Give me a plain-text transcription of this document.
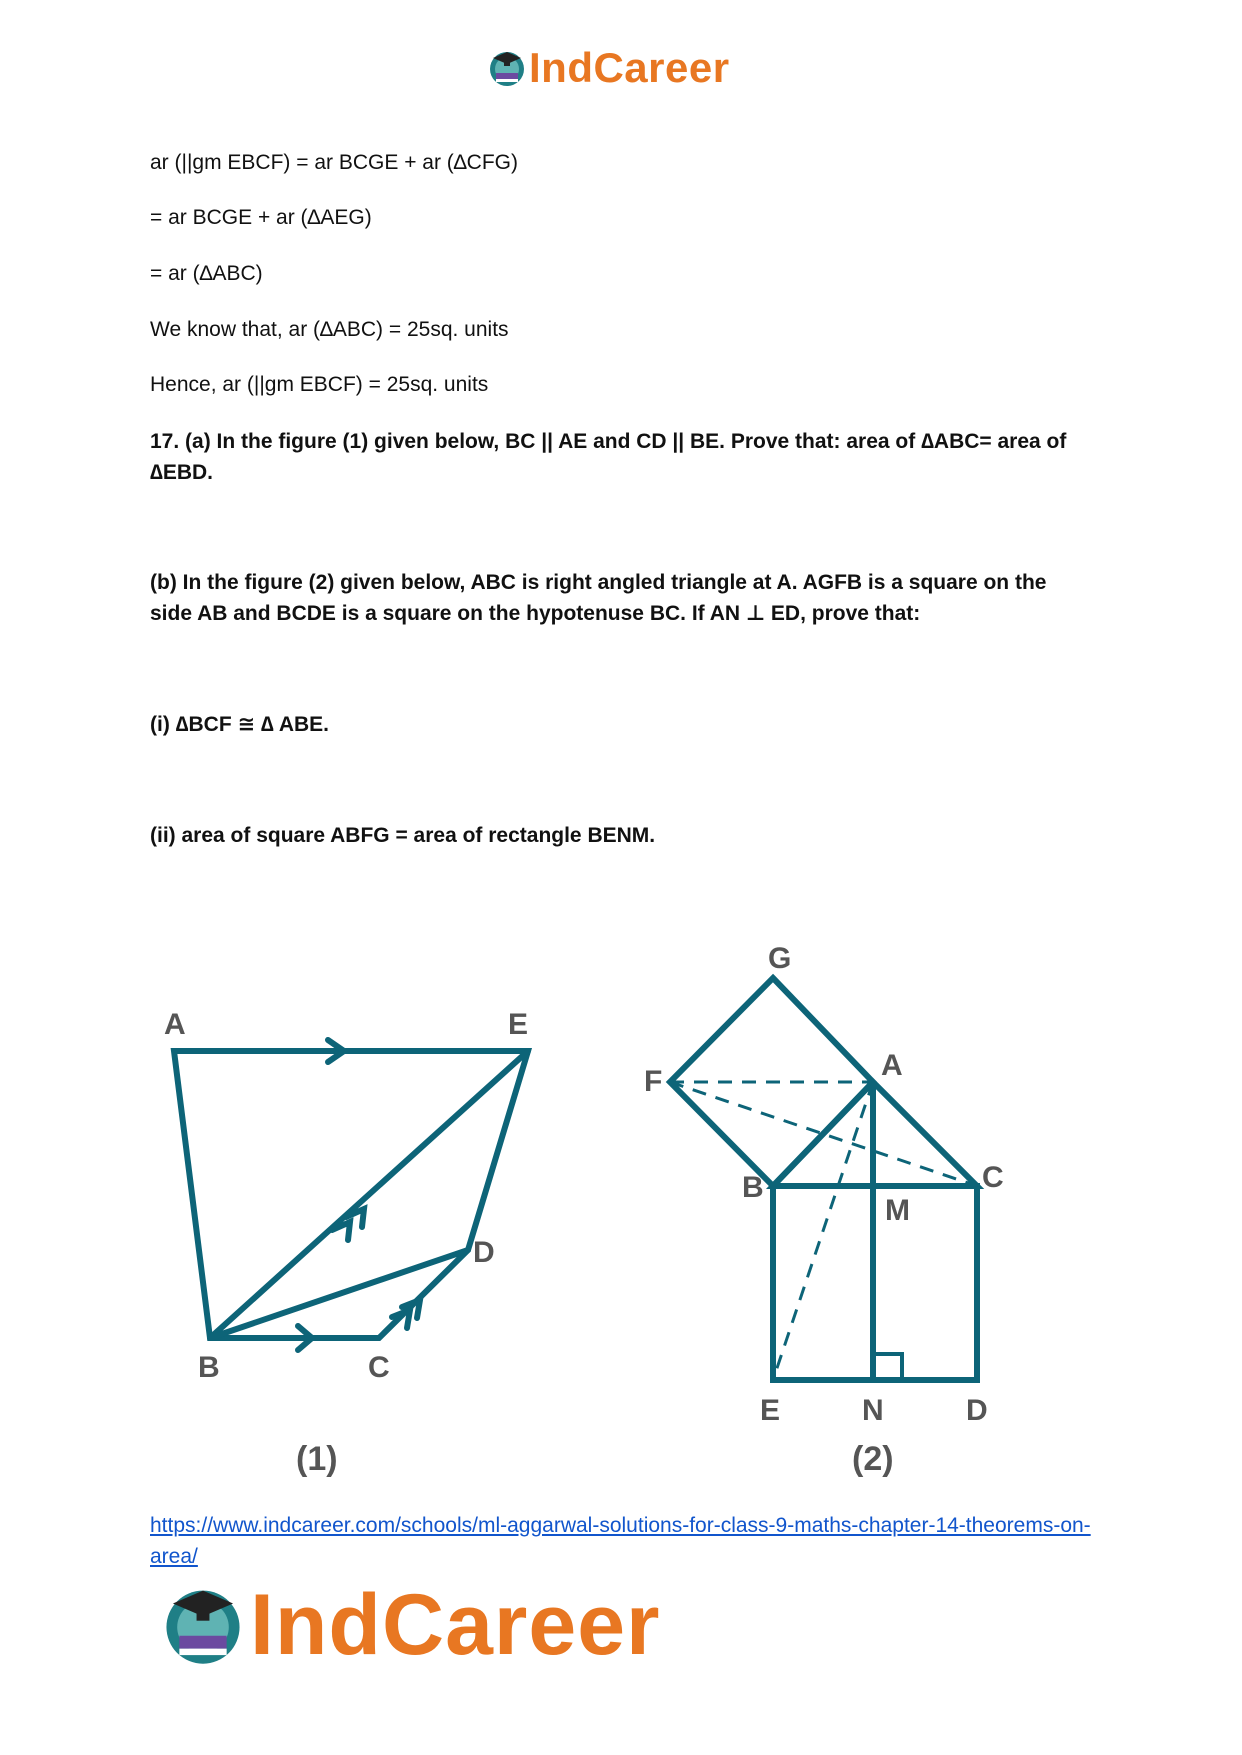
IndCareer
ar (||gm EBCF) = ar BCGE + ar (∆CFG)
= ar BCGE + ar (∆AEG)
= ar (∆ABC)
We know that, ar (∆ABC) = 25sq. units
Hence, ar (||gm EBCF) = 25sq. units
17. (a) In the figure (1) given below, BC || AE and CD || BE. Prove that: area of ∆ABC= area of ∆EBD.
(b) In the figure (2) given below, ABC is right angled triangle at A. AGFB is a square on the side AB and BCDE is a square on the hypotenuse BC. If AN ⊥ ED, prove that:
(i) ∆BCF ≅ ∆ ABE.
(ii) area of square ABFG = area of rectangle BENM.
A	E
D
B	C
(1)
G
F	A
B	C
M
E	N	D
(2)
https://www.indcareer.com/schools/ml-aggarwal-solutions-for-class-9-maths-chapter-14-theorems-on-area/
IndCareer
